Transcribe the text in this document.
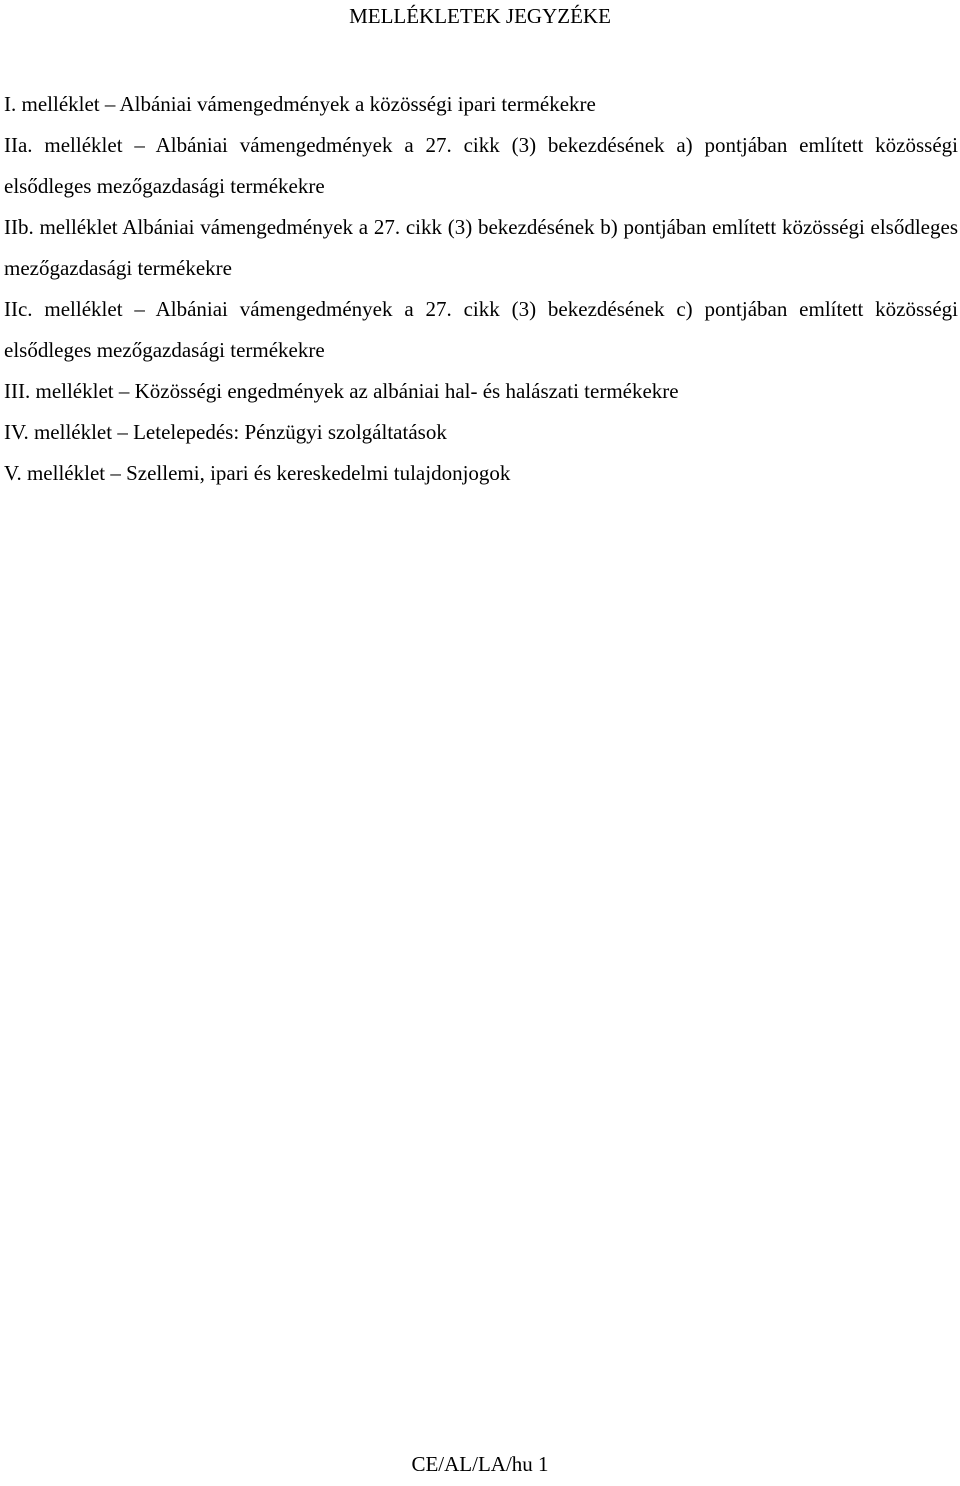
MELLÉKLETEK JEGYZÉKE

I. melléklet – Albániai vámengedmények a közösségi ipari termékekre

IIa. melléklet – Albániai vámengedmények a 27. cikk (3) bekezdésének a) pontjában említett közösségi elsődleges mezőgazdasági termékekre

IIb. melléklet Albániai vámengedmények a 27. cikk (3) bekezdésének b) pontjában említett közösségi elsődleges mezőgazdasági termékekre

IIc. melléklet – Albániai vámengedmények a 27. cikk (3) bekezdésének c) pontjában említett közösségi elsődleges mezőgazdasági termékekre

III. melléklet – Közösségi engedmények az albániai hal- és halászati termékekre

IV. melléklet – Letelepedés: Pénzügyi szolgáltatások

V. melléklet – Szellemi, ipari és kereskedelmi tulajdonjogok

CE/AL/LA/hu 1
